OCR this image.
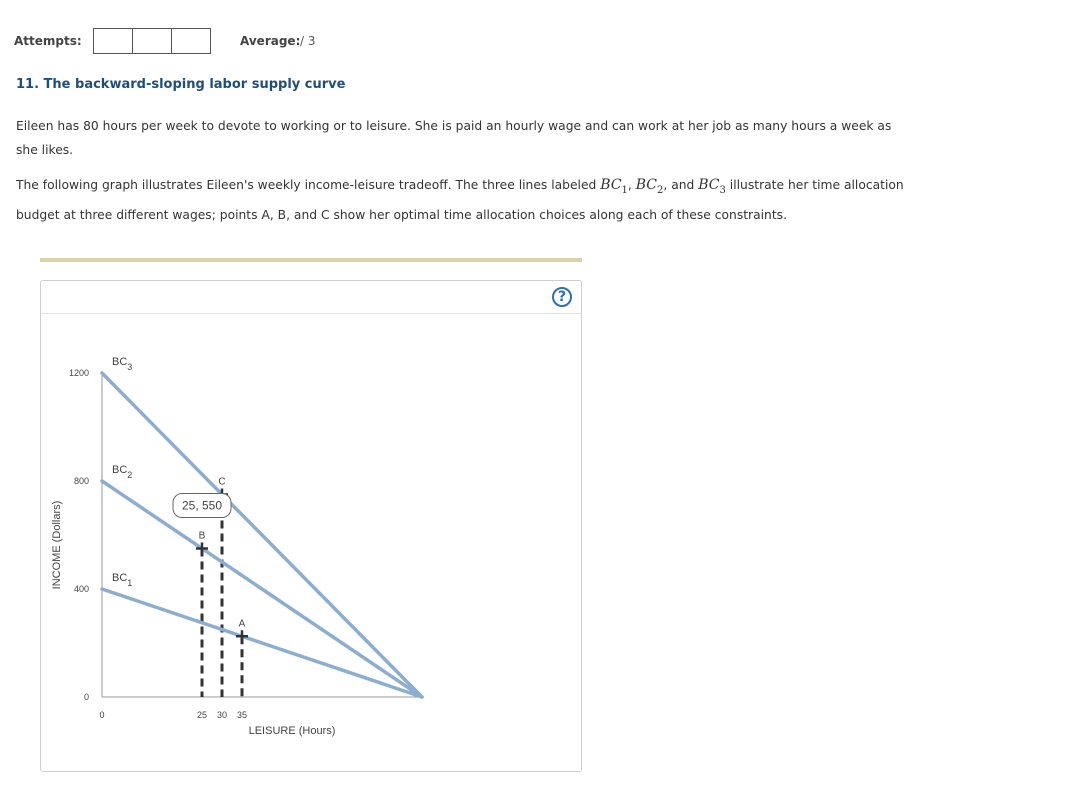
Attempts:	Average: / 3
11. The backward-sloping labor supply curve
Eileen has 80 hours per week to devote to working or to leisure. She is paid an hourly wage and can work at her job as many hours a week as she likes.
The following graph illustrates Eileen's weekly income-leisure tradeoff. The three lines labeled $BC_1$, $BC_2$, and $BC_3$ illustrate her time allocation budget at three different wages; points A, B, and C show her optimal time allocation choices along each of these constraints.
?
0
400
800
1200
0	25 30 35
LEISURE (Hours)
INCOME (Dollars)	$BC_1$
$BC_2$
$BC_3$
A
B
C
25, 550
